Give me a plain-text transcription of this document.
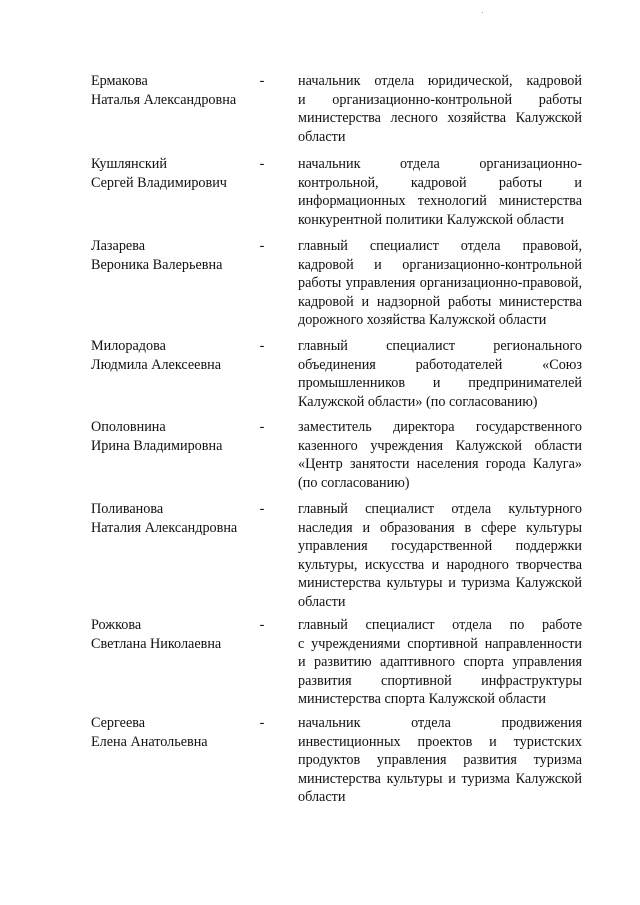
Ермакова
Наталья Александровна
- начальник отдела юридической, кадровой
и организационно-контрольной работы
министерства лесного хозяйства Калужской
области
Кушлянский
Сергей Владимирович
- начальник отдела организационно-
контрольной, кадровой работы и
информационных технологий министерства
конкурентной политики Калужской области
Лазарева
Вероника Валерьевна
- главный специалист отдела правовой,
кадровой и организационно-контрольной
работы управления организационно-правовой,
кадровой и надзорной работы министерства
дорожного хозяйства Калужской области
Милорадова
Людмила Алексеевна
- главный специалист регионального
объединения работодателей «Союз
промышленников и предпринимателей
Калужской области» (по согласованию)
Ополовнина
Ирина Владимировна
- заместитель директора государственного
казенного учреждения Калужской области
«Центр занятости населения города Калуга»
(по согласованию)
Поливанова
Наталия Александровна
- главный специалист отдела культурного
наследия и образования в сфере культуры
управления государственной поддержки
культуры, искусства и народного творчества
министерства культуры и туризма Калужской
области
Рожкова
Светлана Николаевна
- главный специалист отдела по работе
с учреждениями спортивной направленности
и развитию адаптивного спорта управления
развития спортивной инфраструктуры
министерства спорта Калужской области
Сергеева
Елена Анатольевна
- начальник отдела продвижения
инвестиционных проектов и туристских
продуктов управления развития туризма
министерства культуры и туризма Калужской
области
